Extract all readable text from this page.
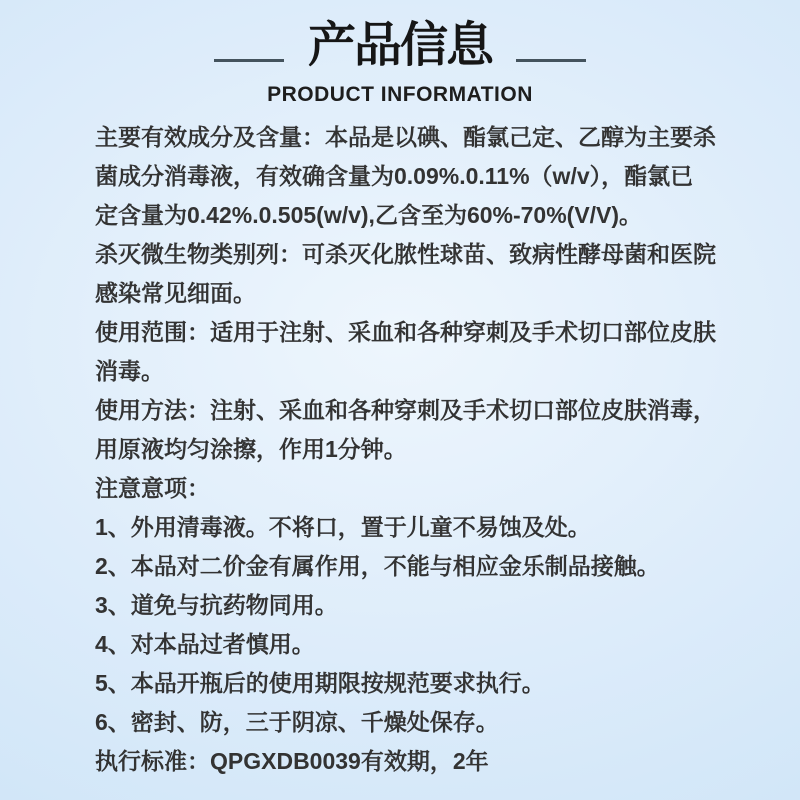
产品信息
PRODUCT INFORMATION
主要有效成分及含量：本品是以碘、酯氯己定、乙醇为主要杀
菌成分消毒液，有效确含量为0.09%.0.11%（w/v），酯氯已
定含量为0.42%.0.505(w/v),乙含至为60%-70%(V/V)。
杀灭微生物类别列：可杀灭化脓性球苗、致病性酵母菌和医院
感染常见细面。
使用范围：适用于注射、采血和各种穿刺及手术切口部位皮肤
消毒。
使用方法：注射、采血和各种穿刺及手术切口部位皮肤消毒，
用原液均匀涂擦，作用1分钟。
注意意项：
1、外用清毒液。不将口，置于儿童不易蚀及处。
2、本品对二价金有属作用，不能与相应金乐制品接触。
3、道免与抗药物同用。
4、对本品过者慎用。
5、本品开瓶后的使用期限按规范要求执行。
6、密封、防，三于阴凉、千燥处保存。
执行标准：QPGXDB0039有效期，2年
